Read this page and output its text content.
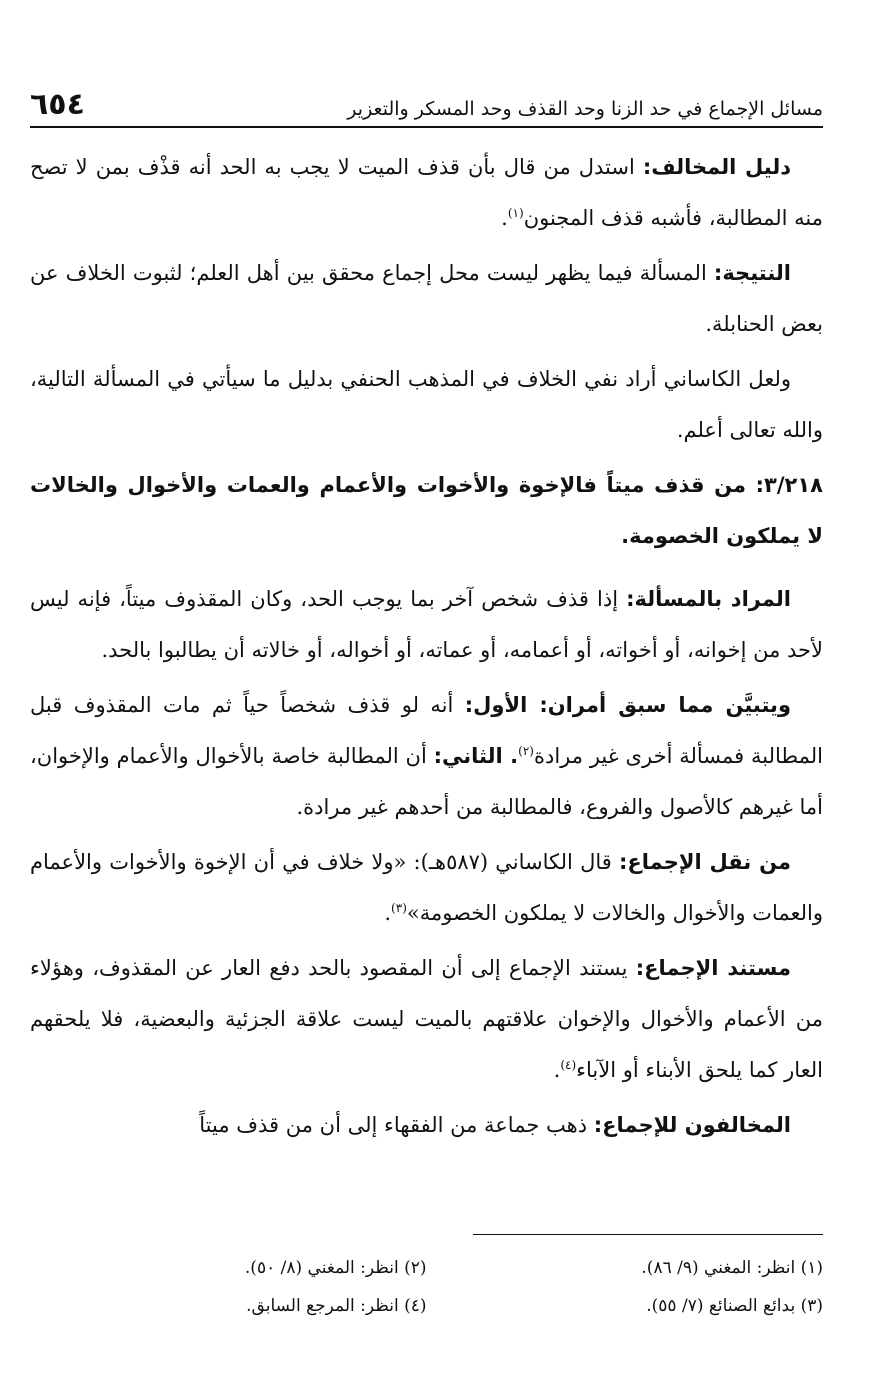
مسائل الإجماع في حد الزنا وحد القذف وحد المسكر والتعزير
٦٥٤

دليل المخالف: استدل من قال بأن قذف الميت لا يجب به الحد أنه قذْف بمن لا تصح منه المطالبة، فأشبه قذف المجنون$^{(١)}$.

النتيجة: المسألة فيما يظهر ليست محل إجماع محقق بين أهل العلم؛ لثبوت الخلاف عن بعض الحنابلة.

ولعل الكاساني أراد نفي الخلاف في المذهب الحنفي بدليل ما سيأتي في المسألة التالية، والله تعالى أعلم.

٣/٢١٨: من قذف ميتاً فالإخوة والأخوات والأعمام والعمات والأخوال والخالات لا يملكون الخصومة.

المراد بالمسألة: إذا قذف شخص آخر بما يوجب الحد، وكان المقذوف ميتاً، فإنه ليس لأحد من إخوانه، أو أخواته، أو أعمامه، أو عماته، أو أخواله، أو خالاته أن يطالبوا بالحد.

ويتبيَّن مما سبق أمران: الأول: أنه لو قذف شخصاً حياً ثم مات المقذوف قبل المطالبة فمسألة أخرى غير مرادة$^{(٢)}$. الثاني: أن المطالبة خاصة بالأخوال والأعمام والإخوان، أما غيرهم كالأصول والفروع، فالمطالبة من أحدهم غير مرادة.

من نقل الإجماع: قال الكاساني (٥٨٧هـ): «ولا خلاف في أن الإخوة والأخوات والأعمام والعمات والأخوال والخالات لا يملكون الخصومة»$^{(٣)}$.

مستند الإجماع: يستند الإجماع إلى أن المقصود بالحد دفع العار عن المقذوف، وهؤلاء من الأعمام والأخوال والإخوان علاقتهم بالميت ليست علاقة الجزئية والبعضية، فلا يلحقهم العار كما يلحق الأبناء أو الآباء$^{(٤)}$.

المخالفون للإجماع: ذهب جماعة من الفقهاء إلى أن من قذف ميتاً

(١) انظر: المغني (٩/ ٨٦).
(٢) انظر: المغني (٨/ ٥٠).
(٣) بدائع الصنائع (٧/ ٥٥).
(٤) انظر: المرجع السابق.
